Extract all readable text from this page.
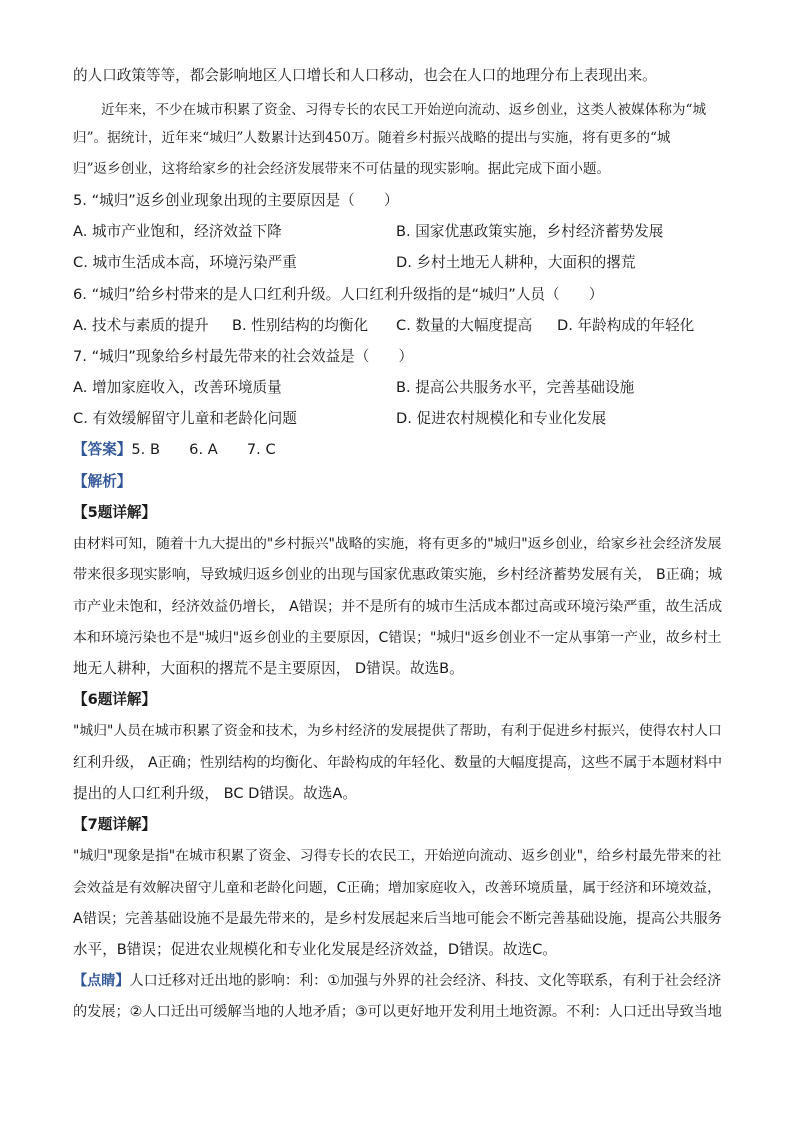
的人口政策等等，都会影响地区人口增长和人口移动，也会在人口的地理分布上表现出来。
近年来，不少在城市积累了资金、习得专长的农民工开始逆向流动、返乡创业，这类人被媒体称为“城
归”。据统计，近年来“城归”人数累计达到450万。随着乡村振兴战略的提出与实施，将有更多的“城
归”返乡创业，这将给家乡的社会经济发展带来不可估量的现实影响。据此完成下面小题。
5. “城归”返乡创业现象出现的主要原因是（　　）
A. 城市产业饱和，经济效益下降	B. 国家优惠政策实施，乡村经济蓄势发展
C. 城市生活成本高，环境污染严重	D. 乡村土地无人耕种，大面积的撂荒
6. “城归”给乡村带来的是人口红利升级。人口红利升级指的是“城归”人员（　　）
A. 技术与素质的提升 B. 性别结构的均衡化 C. 数量的大幅度提高 D. 年龄构成的年轻化
7. “城归”现象给乡村最先带来的社会效益是（　　）
A. 增加家庭收入，改善环境质量	B. 提高公共服务水平，完善基础设施
C. 有效缓解留守儿童和老龄化问题	D. 促进农村规模化和专业化发展
【答案】5. B　　6. A　　7. C
【解析】
【5题详解】
由材料可知，随着十九大提出的"乡村振兴"战略的实施，将有更多的"城归"返乡创业，给家乡社会经济发展
带来很多现实影响，导致城归返乡创业的出现与国家优惠政策实施，乡村经济蓄势发展有关， B正确；城
市产业未饱和，经济效益仍增长， A错误；并不是所有的城市生活成本都过高或环境污染严重，故生活成
本和环境污染也不是"城归"返乡创业的主要原因，C错误；"城归"返乡创业不一定从事第一产业，故乡村土
地无人耕种，大面积的撂荒不是主要原因， D错误。故选B。
【6题详解】
"城归"人员在城市积累了资金和技术，为乡村经济的发展提供了帮助，有利于促进乡村振兴，使得农村人口
红利升级， A正确；性别结构的均衡化、年龄构成的年轻化、数量的大幅度提高，这些不属于本题材料中
提出的人口红利升级， BC D错误。故选A。
【7题详解】
"城归"现象是指"在城市积累了资金、习得专长的农民工，开始逆向流动、返乡创业"，给乡村最先带来的社
会效益是有效解决留守儿童和老龄化问题，C正确；增加家庭收入，改善环境质量，属于经济和环境效益，
A错误；完善基础设施不是最先带来的，是乡村发展起来后当地可能会不断完善基础设施，提高公共服务
水平，B错误；促进农业规模化和专业化发展是经济效益，D错误。故选C。
【点睛】人口迁移对迁出地的影响：利：①加强与外界的社会经济、科技、文化等联系，有利于社会经济
的发展；②人口迁出可缓解当地的人地矛盾；③可以更好地开发利用土地资源。不利：人口迁出导致当地
